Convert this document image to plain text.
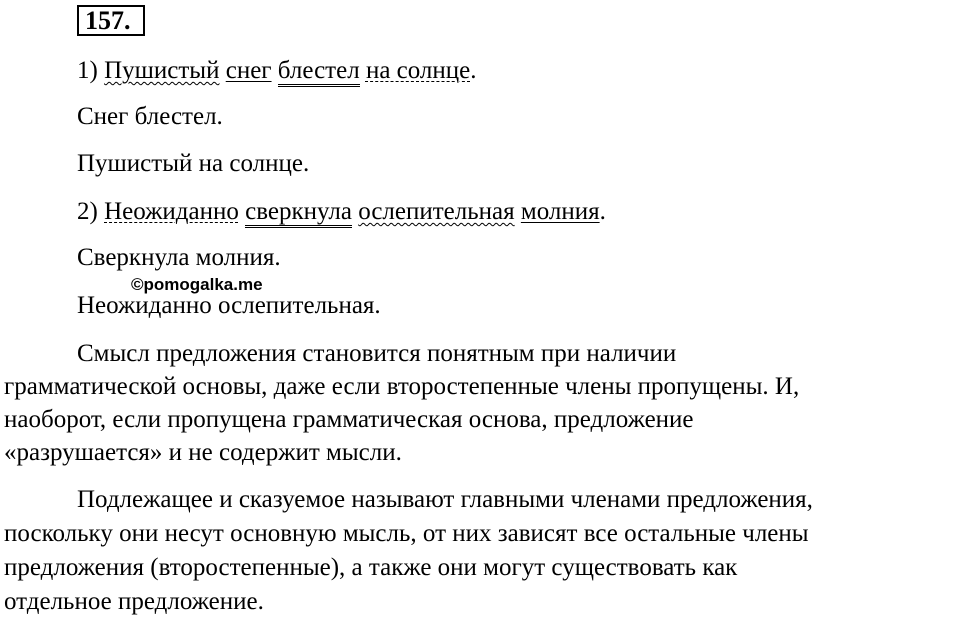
157.
1) Пушистый снег блестел на солнце.
Снег блестел.
Пушистый на солнце.
2) Неожиданно сверкнула ослепительная молния.
Сверкнула молния.
Неожиданно ослепительная.
©pomogalka.me
Смысл предложения становится понятным при наличии
грамматической основы, даже если второстепенные члены пропущены. И,
наоборот, если пропущена грамматическая основа, предложение
«разрушается» и не содержит мысли.
Подлежащее и сказуемое называют главными членами предложения,
поскольку они несут основную мысль, от них зависят все остальные члены
предложения (второстепенные), а также они могут существовать как
отдельное предложение.
